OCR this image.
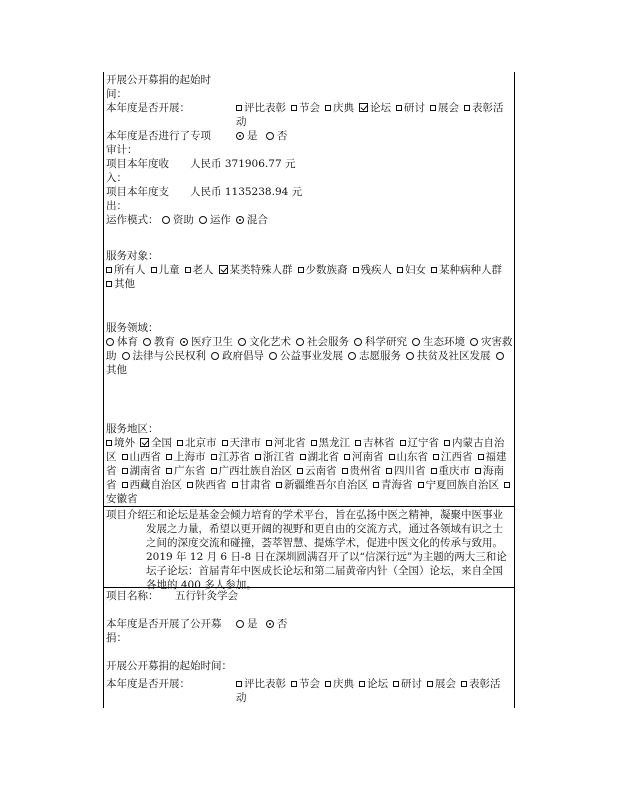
开展公开募捐的起始时间：
本年度是否开展：	评比表彰 节会 庆典 论坛 研讨 展会 表彰活动
本年度是否进行了专项审计：
是 否
项目本年度收入：
人民币 371906.77 元
项目本年度支出：
人民币 1135238.94 元
运作模式： 资助 运作 混合
服务对象：
所有人 儿童 老人 某类特殊人群 少数族裔 残疾人 妇女 某种病种人群其他
服务领域：
体育 教育 医疗卫生 文化艺术 社会服务 科学研究 生态环境 灾害救助 法律与公民权利 政府倡导 公益事业发展 志愿服务 扶贫及社区发展其他
服务地区：
境外 全国 北京市 天津市 河北省 黑龙江 吉林省 辽宁省 内蒙古自治区 山西省 上海市 江苏省 浙江省 湖北省 河南省 山东省 江西省 福建省 湖南省 广东省 广西壮族自治区 云南省 贵州省 四川省 重庆市 海南省 西藏自治区 陕西省 甘肃省 新疆维吾尔自治区 青海省 宁夏回族自治区安徽省
项目介绍：
三和论坛是基金会倾力培育的学术平台，旨在弘扬中医之精神，凝聚中医事业发展之力量，希望以更开阔的视野和更自由的交流方式，通过各领域有识之士之间的深度交流和碰撞，荟萃智慧、提炼学术，促进中医文化的传承与致用。2019 年 12 月 6 日-8 日在深圳圆满召开了以“信深行远”为主题的两大三和论坛子论坛：首届青年中医成长论坛和第二届黄帝内针（全国）论坛，来自全国各地的 400 多人参加。
项目名称： 五行针灸学会
本年度是否开展了公开募捐：
是 否
开展公开募捐的起始时间：
本年度是否开展：	评比表彰 节会 庆典 论坛 研讨 展会 表彰活动
